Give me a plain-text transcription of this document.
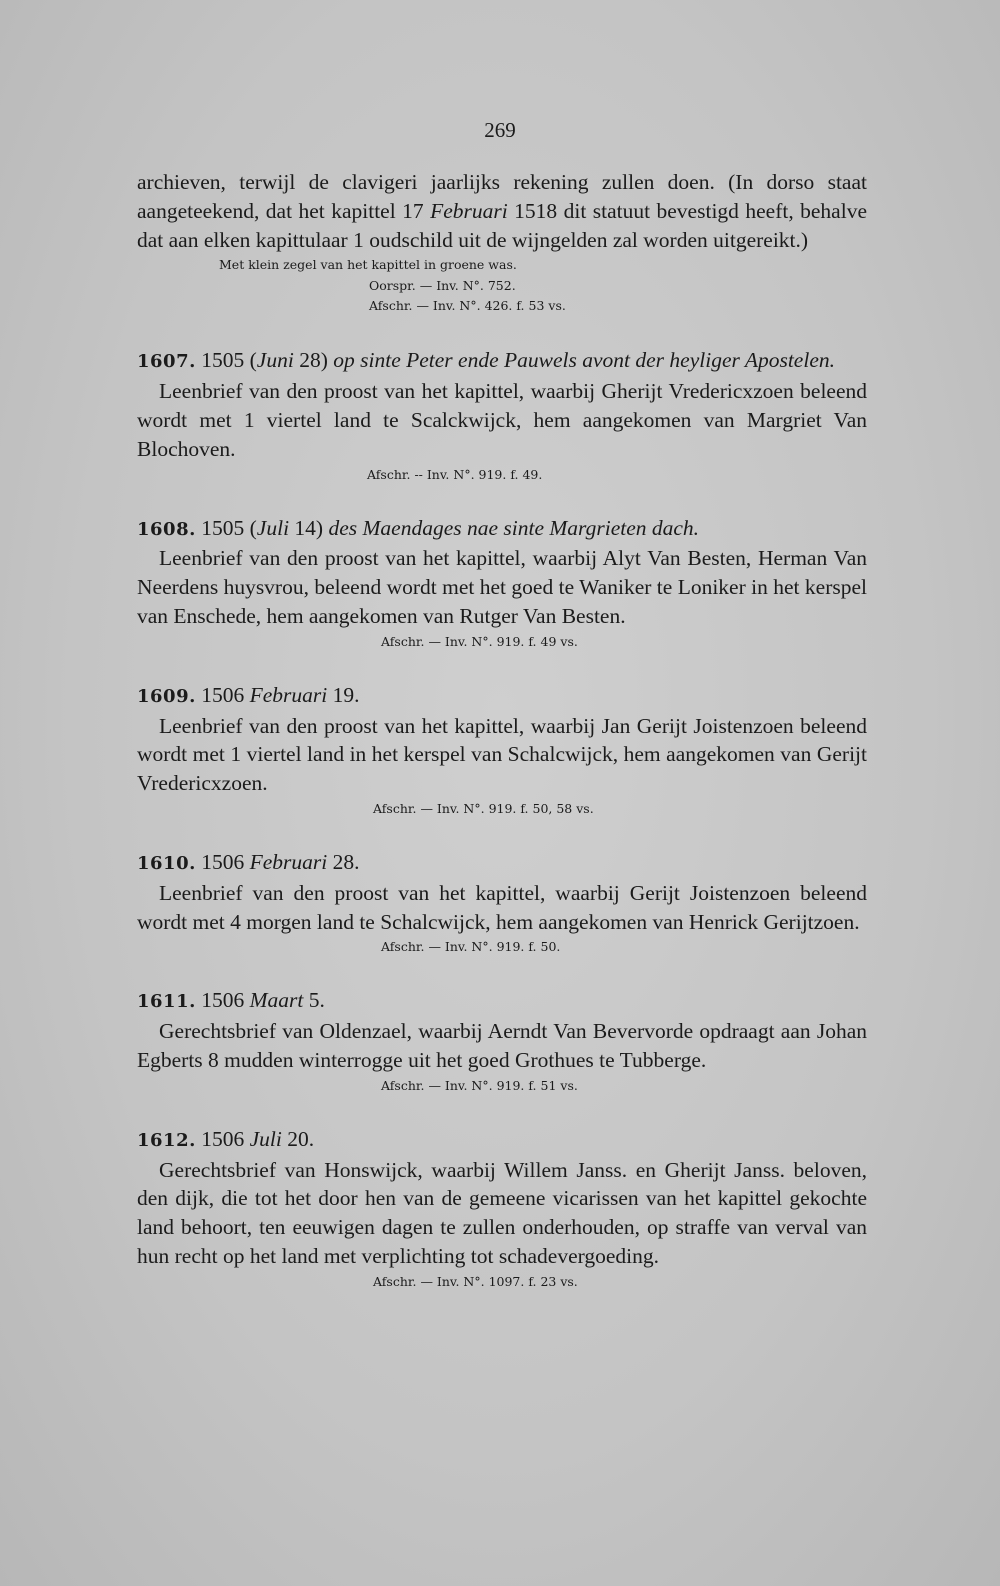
269

archieven, terwijl de clavigeri jaarlijks rekening zullen doen. (In dorso staat aangeteekend, dat het kapittel 17 Februari 1518 dit statuut bevestigd heeft, behalve dat aan elken kapittulaar 1 oudschild uit de wijngelden zal worden uitgereikt.)

Met klein zegel van het kapittel in groene was.

Oorspr. — Inv. N°. 752.

Afschr. — Inv. N°. 426. f. 53 vs.

1607. 1505 (Juni 28) op sinte Peter ende Pauwels avont der heyliger Apostelen.

Leenbrief van den proost van het kapittel, waarbij Gherijt Vredericxzoen beleend wordt met 1 viertel land te Scalckwijck, hem aangekomen van Margriet Van Blochoven.

Afschr. -- Inv. N°. 919. f. 49.

1608. 1505 (Juli 14) des Maendages nae sinte Margrieten dach.

Leenbrief van den proost van het kapittel, waarbij Alyt Van Besten, Herman Van Neerdens huysvrou, beleend wordt met het goed te Waniker te Loniker in het kerspel van Enschede, hem aangekomen van Rutger Van Besten.

Afschr. — Inv. N°. 919. f. 49 vs.

1609. 1506 Februari 19.

Leenbrief van den proost van het kapittel, waarbij Jan Gerijt Joistenzoen beleend wordt met 1 viertel land in het kerspel van Schalcwijck, hem aangekomen van Gerijt Vredericxzoen.

Afschr. — Inv. N°. 919. f. 50, 58 vs.

1610. 1506 Februari 28.

Leenbrief van den proost van het kapittel, waarbij Gerijt Joistenzoen beleend wordt met 4 morgen land te Schalcwijck, hem aangekomen van Henrick Gerijtzoen.

Afschr. — Inv. N°. 919. f. 50.

1611. 1506 Maart 5.

Gerechtsbrief van Oldenzael, waarbij Aerndt Van Bevervorde opdraagt aan Johan Egberts 8 mudden winterrogge uit het goed Grothues te Tubberge.

Afschr. — Inv. N°. 919. f. 51 vs.

1612. 1506 Juli 20.

Gerechtsbrief van Honswijck, waarbij Willem Janss. en Gherijt Janss. beloven, den dijk, die tot het door hen van de gemeene vicarissen van het kapittel gekochte land behoort, ten eeuwigen dagen te zullen onderhouden, op straffe van verval van hun recht op het land met verplichting tot schadevergoeding.

Afschr. — Inv. N°. 1097. f. 23 vs.
